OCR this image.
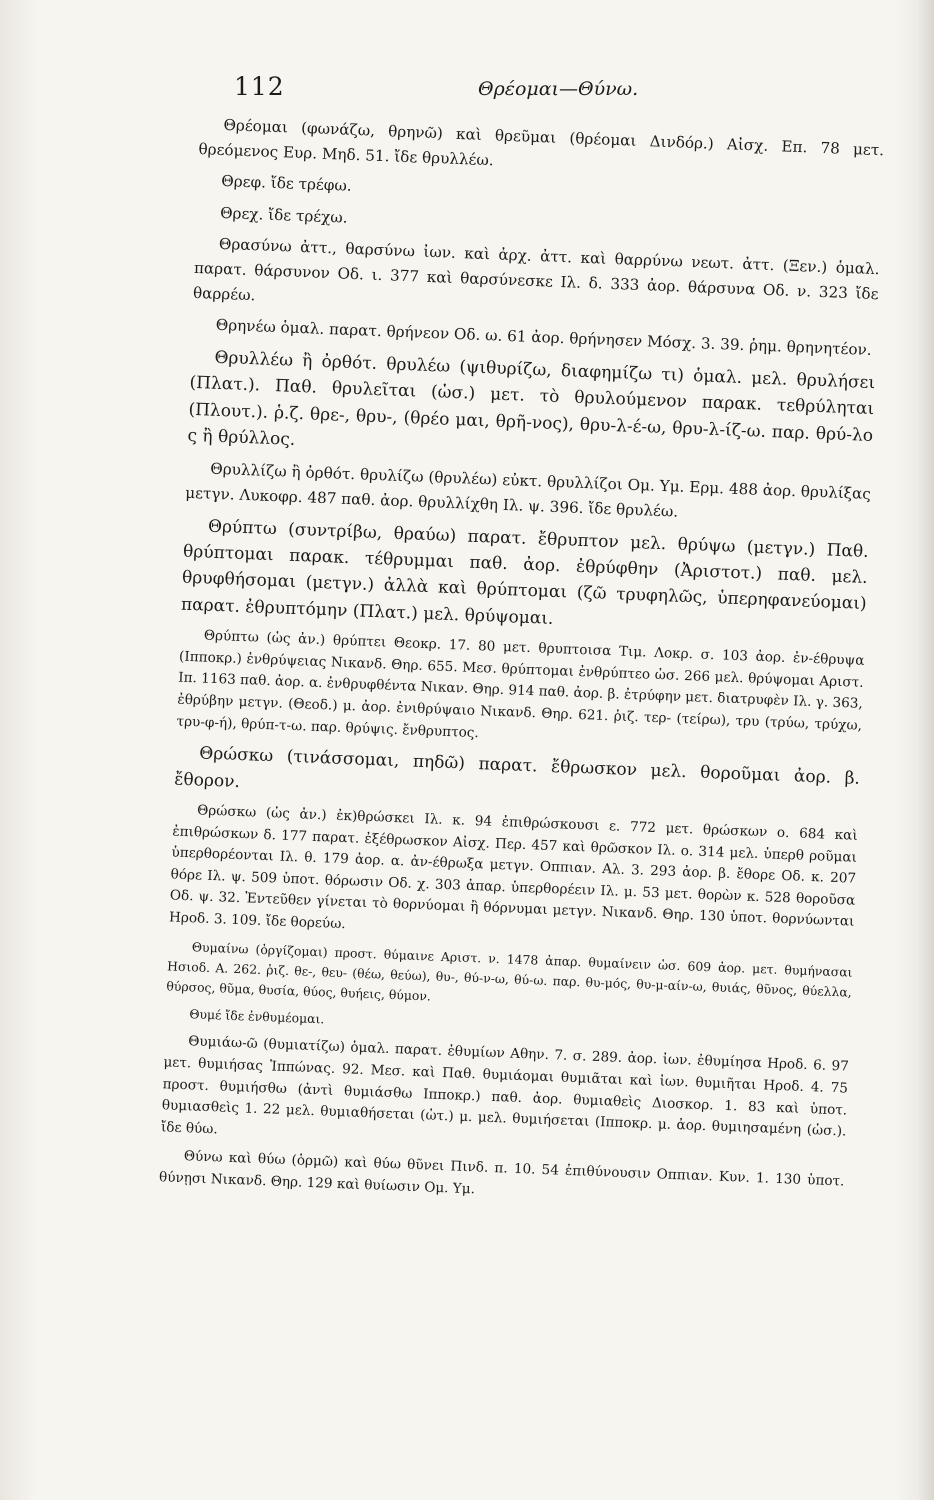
112	Θρέομαι—Θύνω.

Θρέομαι (φωνάζω, θρηνῶ) καὶ θρεῦμαι (θρέομαι Δινδόρ.) Αἰσχ. Επ. 78 μετ. θρεόμενος Ευρ. Μηδ. 51. ἴδε θρυλλέω.

Θρεφ. ἴδε τρέφω.

Θρεχ. ἴδε τρέχω.

Θρασύνω ἀττ., θαρσύνω ἰων. καὶ ἀρχ. ἀττ. καὶ θαρρύνω νεωτ. ἀττ. (Ξεν.) ὁμαλ. παρατ. θάρσυνον Οδ. ι. 377 καὶ θαρσύνεσκε Ιλ. δ. 333 ἀορ. θάρσυνα Οδ. ν. 323 ἴδε θαρρέω.

Θρηνέω ὁμαλ. παρατ. θρήνεον Οδ. ω. 61 ἀορ. θρήνησεν Μόσχ. 3. 39. ῥημ. θρηνητέον.

Θρυλλέω ἢ ὀρθότ. θρυλέω (ψιθυρίζω, διαφημίζω τι) ὁμαλ. μελ. θρυλήσει (Πλατ.). Παθ. θρυλεῖται (ὡσ.) μετ. τὸ θρυλούμενον παρακ. τεθρύληται (Πλουτ.). ῥ.ζ. θρε-, θρυ-, (θρέο μαι, θρῆ-νος), θρυ-λ-έ-ω, θρυ-λ-ίζ-ω. παρ. θρύ-λο ς ἢ θρύλλος.

Θρυλλίζω ἢ ὀρθότ. θρυλίζω (θρυλέω) εὐκτ. θρυλλίζοι Ομ. Υμ. Ερμ. 488 ἀορ. θρυλίξας μετγν. Λυκοφρ. 487 παθ. ἀορ. θρυλλίχθη Ιλ. ψ. 396. ἴδε θρυλέω.

Θρύπτω (συντρίβω, θραύω) παρατ. ἔθρυπτον μελ. θρύψω (μετγν.) Παθ. θρύπτομαι παρακ. τέθρυμμαι παθ. ἀορ. ἐθρύφθην (Ἀριστοτ.) παθ. μελ. θρυφθήσομαι (μετγν.) ἀλλὰ καὶ θρύπτομαι (ζῶ τρυφηλῶς, ὑπερηφανεύομαι) παρατ. ἐθρυπτόμην (Πλατ.) μελ. θρύψομαι.

Θρύπτω (ὡς ἀν.) θρύπτει Θεοκρ. 17. 80 μετ. θρυπτοισα Τιμ. Λοκρ. σ. 103 ἀορ. ἐν-έθρυψα (Ιπποκρ.) ἐνθρύψειας Νικανδ. Θηρ. 655. Μεσ. θρύπτομαι ἐνθρύπτεο ὡσ. 266 μελ. θρύψομαι Αριστ. Ιπ. 1163 παθ. ἀορ. α. ἐνθρυφθέντα Νικαν. Θηρ. 914 παθ. ἀορ. β. ἐτρύφην μετ. διατρυφὲν Ιλ. γ. 363, ἐθρύβην μετγν. (Θεοδ.) μ. ἀορ. ἐνιθρύψαιο Νικανδ. Θηρ. 621. ῥιζ. τερ- (τείρω), τρυ (τρύω, τρύχω, τρυ-φ-ή), θρύπ-τ-ω. παρ. θρύψις. ἔνθρυπτος.

Θρώσκω (τινάσσομαι, πηδῶ) παρατ. ἔθρωσκον μελ. θοροῦμαι ἀορ. β. ἔθορον.

Θρώσκω (ὡς ἀν.) ἐκ)θρώσκει Ιλ. κ. 94 ἐπιθρώσκουσι ε. 772 μετ. θρώσκων ο. 684 καὶ ἐπιθρώσκων δ. 177 παρατ. ἐξέθρωσκον Αἰσχ. Περ. 457 καὶ θρῶσκον Ιλ. ο. 314 μελ. ὑπερθ ροῦμαι ὑπερθορέονται Ιλ. θ. 179 ἀορ. α. ἀν-έθρωξα μετγν. Οππιαν. Αλ. 3. 293 ἀορ. β. ἔθορε Οδ. κ. 207 θόρε Ιλ. ψ. 509 ὑποτ. θόρωσιν Οδ. χ. 303 ἀπαρ. ὑπερθορέειν Ιλ. μ. 53 μετ. θορὼν κ. 528 θοροῦσα Οδ. ψ. 32. Ἐντεῦθεν γίνεται τὸ θορνύομαι ἢ θόρνυμαι μετγν. Νικανδ. Θηρ. 130 ὑποτ. θορνύωνται Ηροδ. 3. 109. ἴδε θορεύω.

Θυμαίνω (ὀργίζομαι) προστ. θύμαινε Αριστ. ν. 1478 ἀπαρ. θυμαίνειν ὡσ. 609 ἀορ. μετ. θυμήνασαι Ησιοδ. Α. 262. ῥιζ. θε-, θευ- (θέω, θεύω), θυ-, θύ-ν-ω, θύ-ω. παρ. θυ-μός, θυ-μ-αίν-ω, θυιάς, θῦνος, θύελλα, θύρσος, θῦμα, θυσία, θύος, θυήεις, θύμον.

Θυμέ ἴδε ἐνθυμέομαι.

Θυμιάω-ῶ (θυμιατίζω) ὁμαλ. παρατ. ἐθυμίων Αθην. 7. σ. 289. ἀορ. ἰων. ἐθυμίησα Ηροδ. 6. 97 μετ. θυμιήσας Ἱππώνας. 92. Μεσ. καὶ Παθ. θυμιάομαι θυμιᾶται καὶ ἰων. θυμιῆται Ηροδ. 4. 75 προστ. θυμιήσθω (ἀντὶ θυμιάσθω Ιπποκρ.) παθ. ἀορ. θυμιαθεὶς Διοσκορ. 1. 83 καὶ ὑποτ. θυμιασθεὶς 1. 22 μελ. θυμιαθήσεται (ὡτ.) μ. μελ. θυμιήσεται (Ιπποκρ. μ. ἀορ. θυμιησαμένη (ὡσ.). ἴδε θύω.

Θύνω καὶ θύω (ὁρμῶ) καὶ θύω θῦνει Πινδ. π. 10. 54 ἐπιθύνουσιν Οππιαν. Κυν. 1. 130 ὑποτ. θύνῃσι Νικανδ. Θηρ. 129 καὶ θυίωσιν Ομ. Υμ.
